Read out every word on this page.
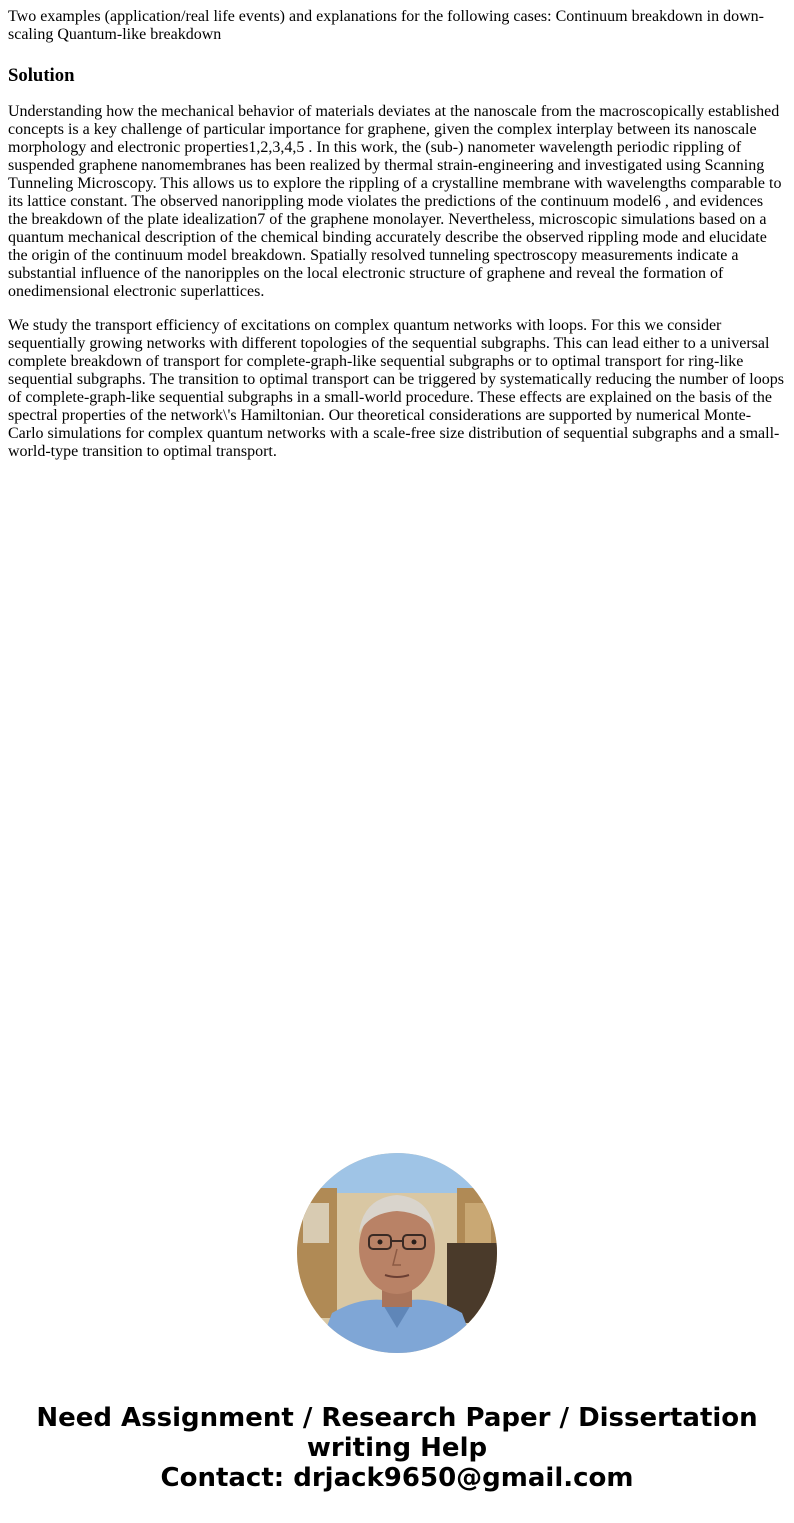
Two examples (application/real life events) and explanations for the following cases: Continuum breakdown in down-scaling Quantum-like breakdown

Solution

Understanding how the mechanical behavior of materials deviates at the nanoscale from the macroscopically established concepts is a key challenge of particular importance for graphene, given the complex interplay between its nanoscale morphology and electronic properties1,2,3,4,5 . In this work, the (sub-) nanometer wavelength periodic rippling of suspended graphene nanomembranes has been realized by thermal strain-engineering and investigated using Scanning Tunneling Microscopy. This allows us to explore the rippling of a crystalline membrane with wavelengths comparable to its lattice constant. The observed nanorippling mode violates the predictions of the continuum model6 , and evidences the breakdown of the plate idealization7 of the graphene monolayer. Nevertheless, microscopic simulations based on a quantum mechanical description of the chemical binding accurately describe the observed rippling mode and elucidate the origin of the continuum model breakdown. Spatially resolved tunneling spectroscopy measurements indicate a substantial influence of the nanoripples on the local electronic structure of graphene and reveal the formation of onedimensional electronic superlattices.

We study the transport efficiency of excitations on complex quantum networks with loops. For this we consider sequentially growing networks with different topologies of the sequential subgraphs. This can lead either to a universal complete breakdown of transport for complete-graph-like sequential subgraphs or to optimal transport for ring-like sequential subgraphs. The transition to optimal transport can be triggered by systematically reducing the number of loops of complete-graph-like sequential subgraphs in a small-world procedure. These effects are explained on the basis of the spectral properties of the network\'s Hamiltonian. Our theoretical considerations are supported by numerical Monte-Carlo simulations for complex quantum networks with a scale-free size distribution of sequential subgraphs and a small-world-type transition to optimal transport.

Need Assignment / Research Paper / Dissertation writing Help
Contact: drjack9650@gmail.com
